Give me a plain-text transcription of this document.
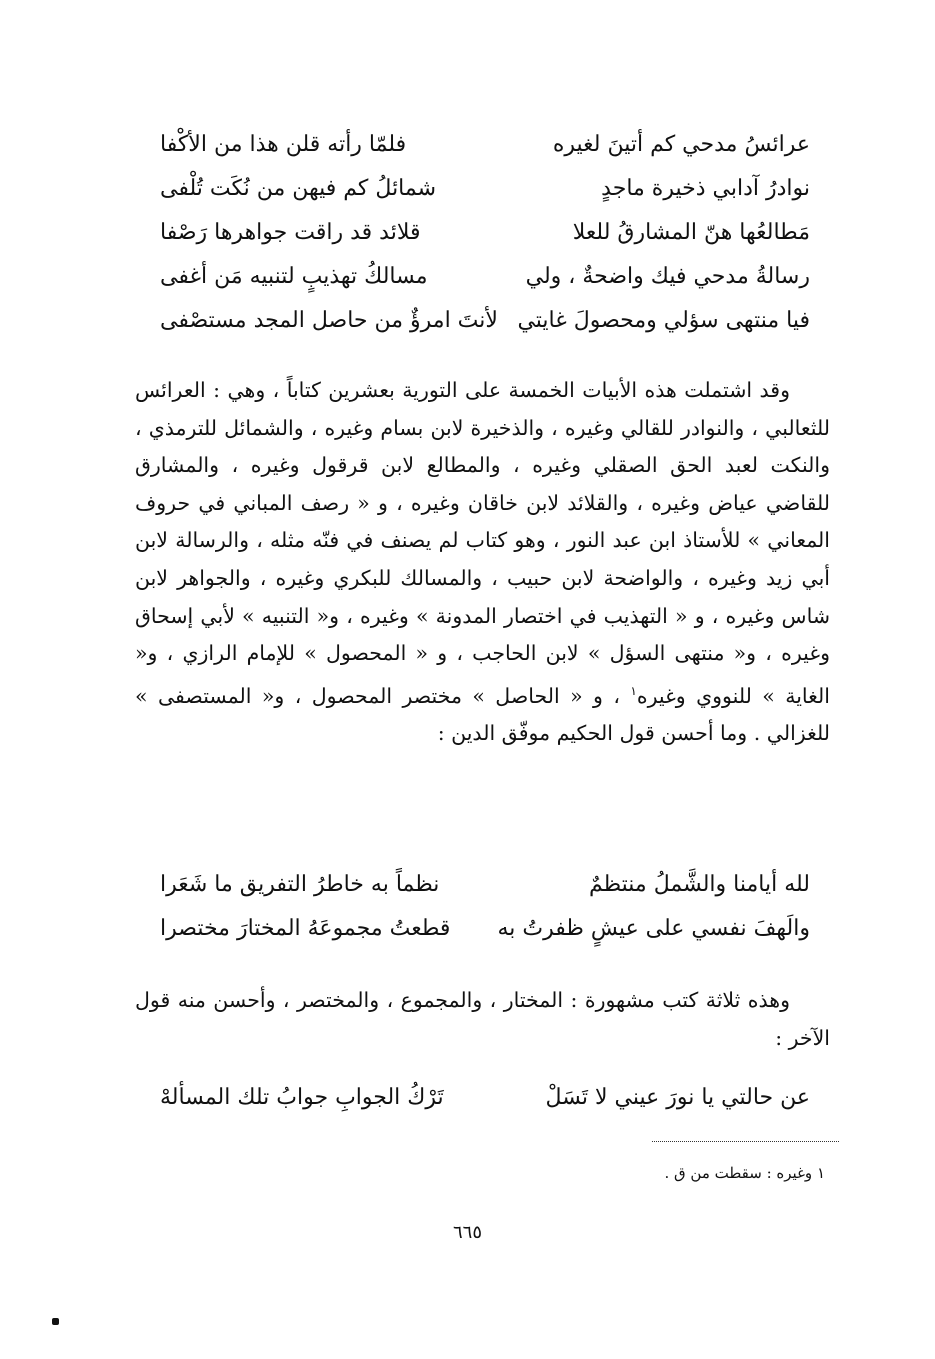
عرائسُ مدحي كم أتينَ لغيره
فلمّا رأته قلن هذا من الأكْفا
نوادرُ آدابي ذخيرة ماجدٍ
شمائلُ كم فيهن من نُكَت تُلْفى
مَطالعُها هنّ المشارقُ للعلا
قلائد قد راقت جواهرها رَصْفا
رسالةُ مدحي فيك واضحةٌ ، ولي
مسالكُ تهذيبٍ لتنبيه مَن أغفى
فيا منتهى سؤلي ومحصولَ غايتي
لأنتَ امرؤٌ من حاصل المجد مستصْفى

وقد اشتملت هذه الأبيات الخمسة على التورية بعشرين كتاباً ، وهي : العرائس للثعالبي ، والنوادر للقالي وغيره ، والذخيرة لابن بسام وغيره ، والشمائل للترمذي ، والنكت لعبد الحق الصقلي وغيره ، والمطالع لابن قرقول وغيره ، والمشارق للقاضي عياض وغيره ، والقلائد لابن خاقان وغيره ، و « رصف المباني في حروف المعاني » للأستاذ ابن عبد النور ، وهو كتاب لم يصنف في فنّه مثله ، والرسالة لابن أبي زيد وغيره ، والواضحة لابن حبيب ، والمسالك للبكري وغيره ، والجواهر لابن شاس وغيره ، و « التهذيب في اختصار المدونة » وغيره ، و« التنبيه » لأبي إسحاق وغيره ، و« منتهى السؤل » لابن الحاجب ، و « المحصول » للإمام الرازي ، و« الغاية » للنووي وغيره$^١$ ، و « الحاصل » مختصر المحصول ، و« المستصفى » للغزالي . وما أحسن قول الحكيم موفّق الدين :

لله أيامنا والشَّملُ منتظمٌ
نظماً به خاطرُ التفريق ما شَعَرا
والَهفَ نفسي على عيشٍ ظفرتُ به
قطعتُ مجموعَهُ المختارَ مختصرا

وهذه ثلاثة كتب مشهورة : المختار ، والمجموع ، والمختصر ، وأحسن منه قول الآخر :

عن حالتي يا نورَ عيني لا تَسَلْ
تَرْكُ الجوابِ جوابُ تلك المسألهْ
١ وغيره : سقطت من ق .
٦٦٥
